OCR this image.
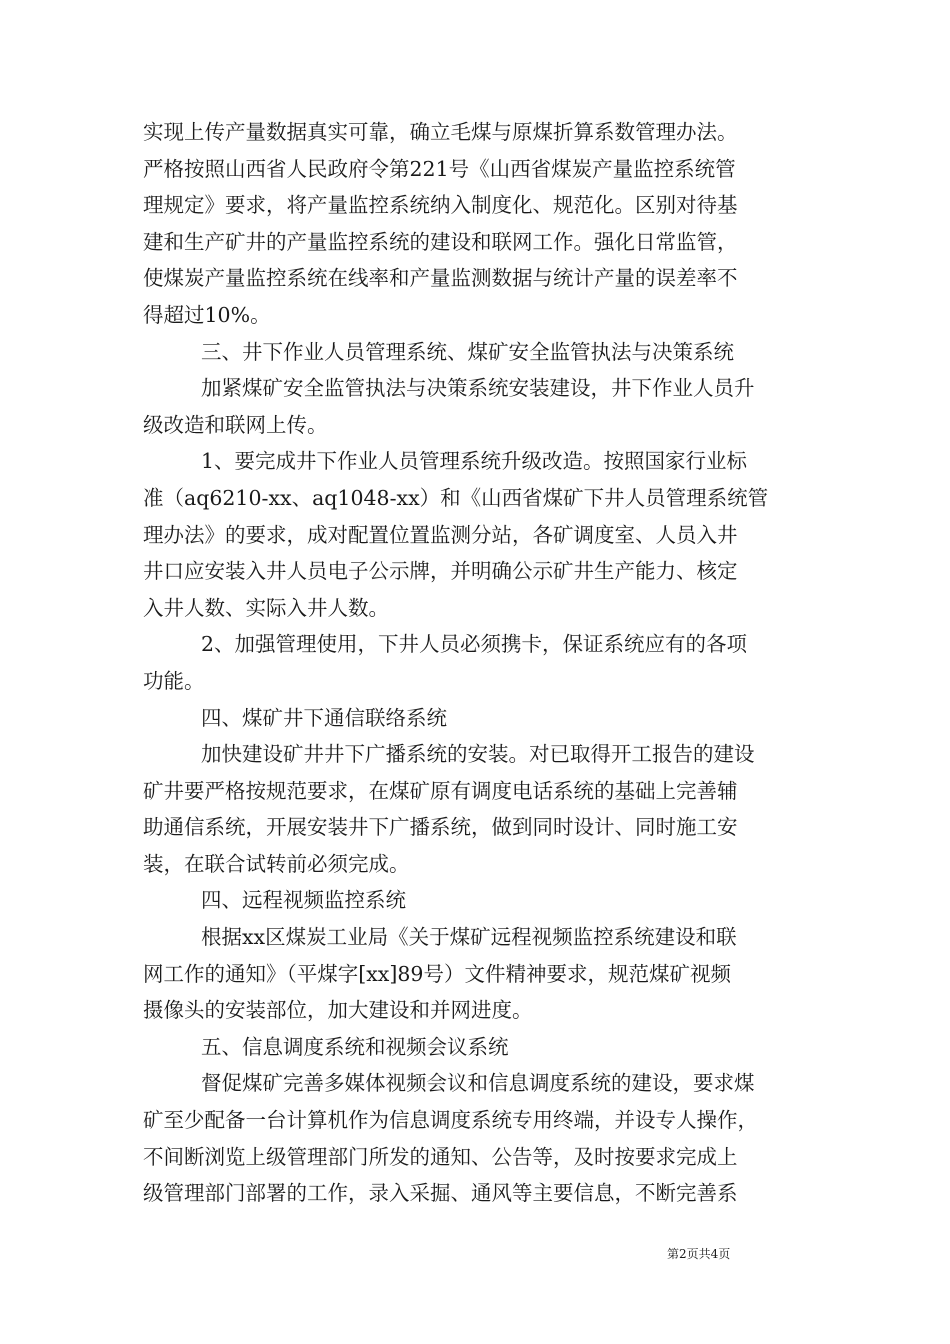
实现上传产量数据真实可靠，确立毛煤与原煤折算系数管理办法。
严格按照山西省人民政府令第221号《山西省煤炭产量监控系统管
理规定》要求，将产量监控系统纳入制度化、规范化。区别对待基
建和生产矿井的产量监控系统的建设和联网工作。强化日常监管，
使煤炭产量监控系统在线率和产量监测数据与统计产量的误差率不
得超过10%。

三、井下作业人员管理系统、煤矿安全监管执法与决策系统

加紧煤矿安全监管执法与决策系统安装建设，井下作业人员升
级改造和联网上传。

1、要完成井下作业人员管理系统升级改造。按照国家行业标
准（aq6210-xx、aq1048-xx）和《山西省煤矿下井人员管理系统管
理办法》的要求，成对配置位置监测分站，各矿调度室、人员入井
井口应安装入井人员电子公示牌，并明确公示矿井生产能力、核定
入井人数、实际入井人数。

2、加强管理使用，下井人员必须携卡，保证系统应有的各项
功能。

四、煤矿井下通信联络系统

加快建设矿井井下广播系统的安装。对已取得开工报告的建设
矿井要严格按规范要求，在煤矿原有调度电话系统的基础上完善辅
助通信系统，开展安装井下广播系统，做到同时设计、同时施工安
装，在联合试转前必须完成。

四、远程视频监控系统

根据xx区煤炭工业局《关于煤矿远程视频监控系统建设和联
网工作的通知》（平煤字[xx]89号）文件精神要求，规范煤矿视频
摄像头的安装部位，加大建设和并网进度。

五、信息调度系统和视频会议系统

督促煤矿完善多媒体视频会议和信息调度系统的建设，要求煤
矿至少配备一台计算机作为信息调度系统专用终端，并设专人操作，
不间断浏览上级管理部门所发的通知、公告等，及时按要求完成上
级管理部门部署的工作，录入采掘、通风等主要信息，不断完善系

第2页共4页
